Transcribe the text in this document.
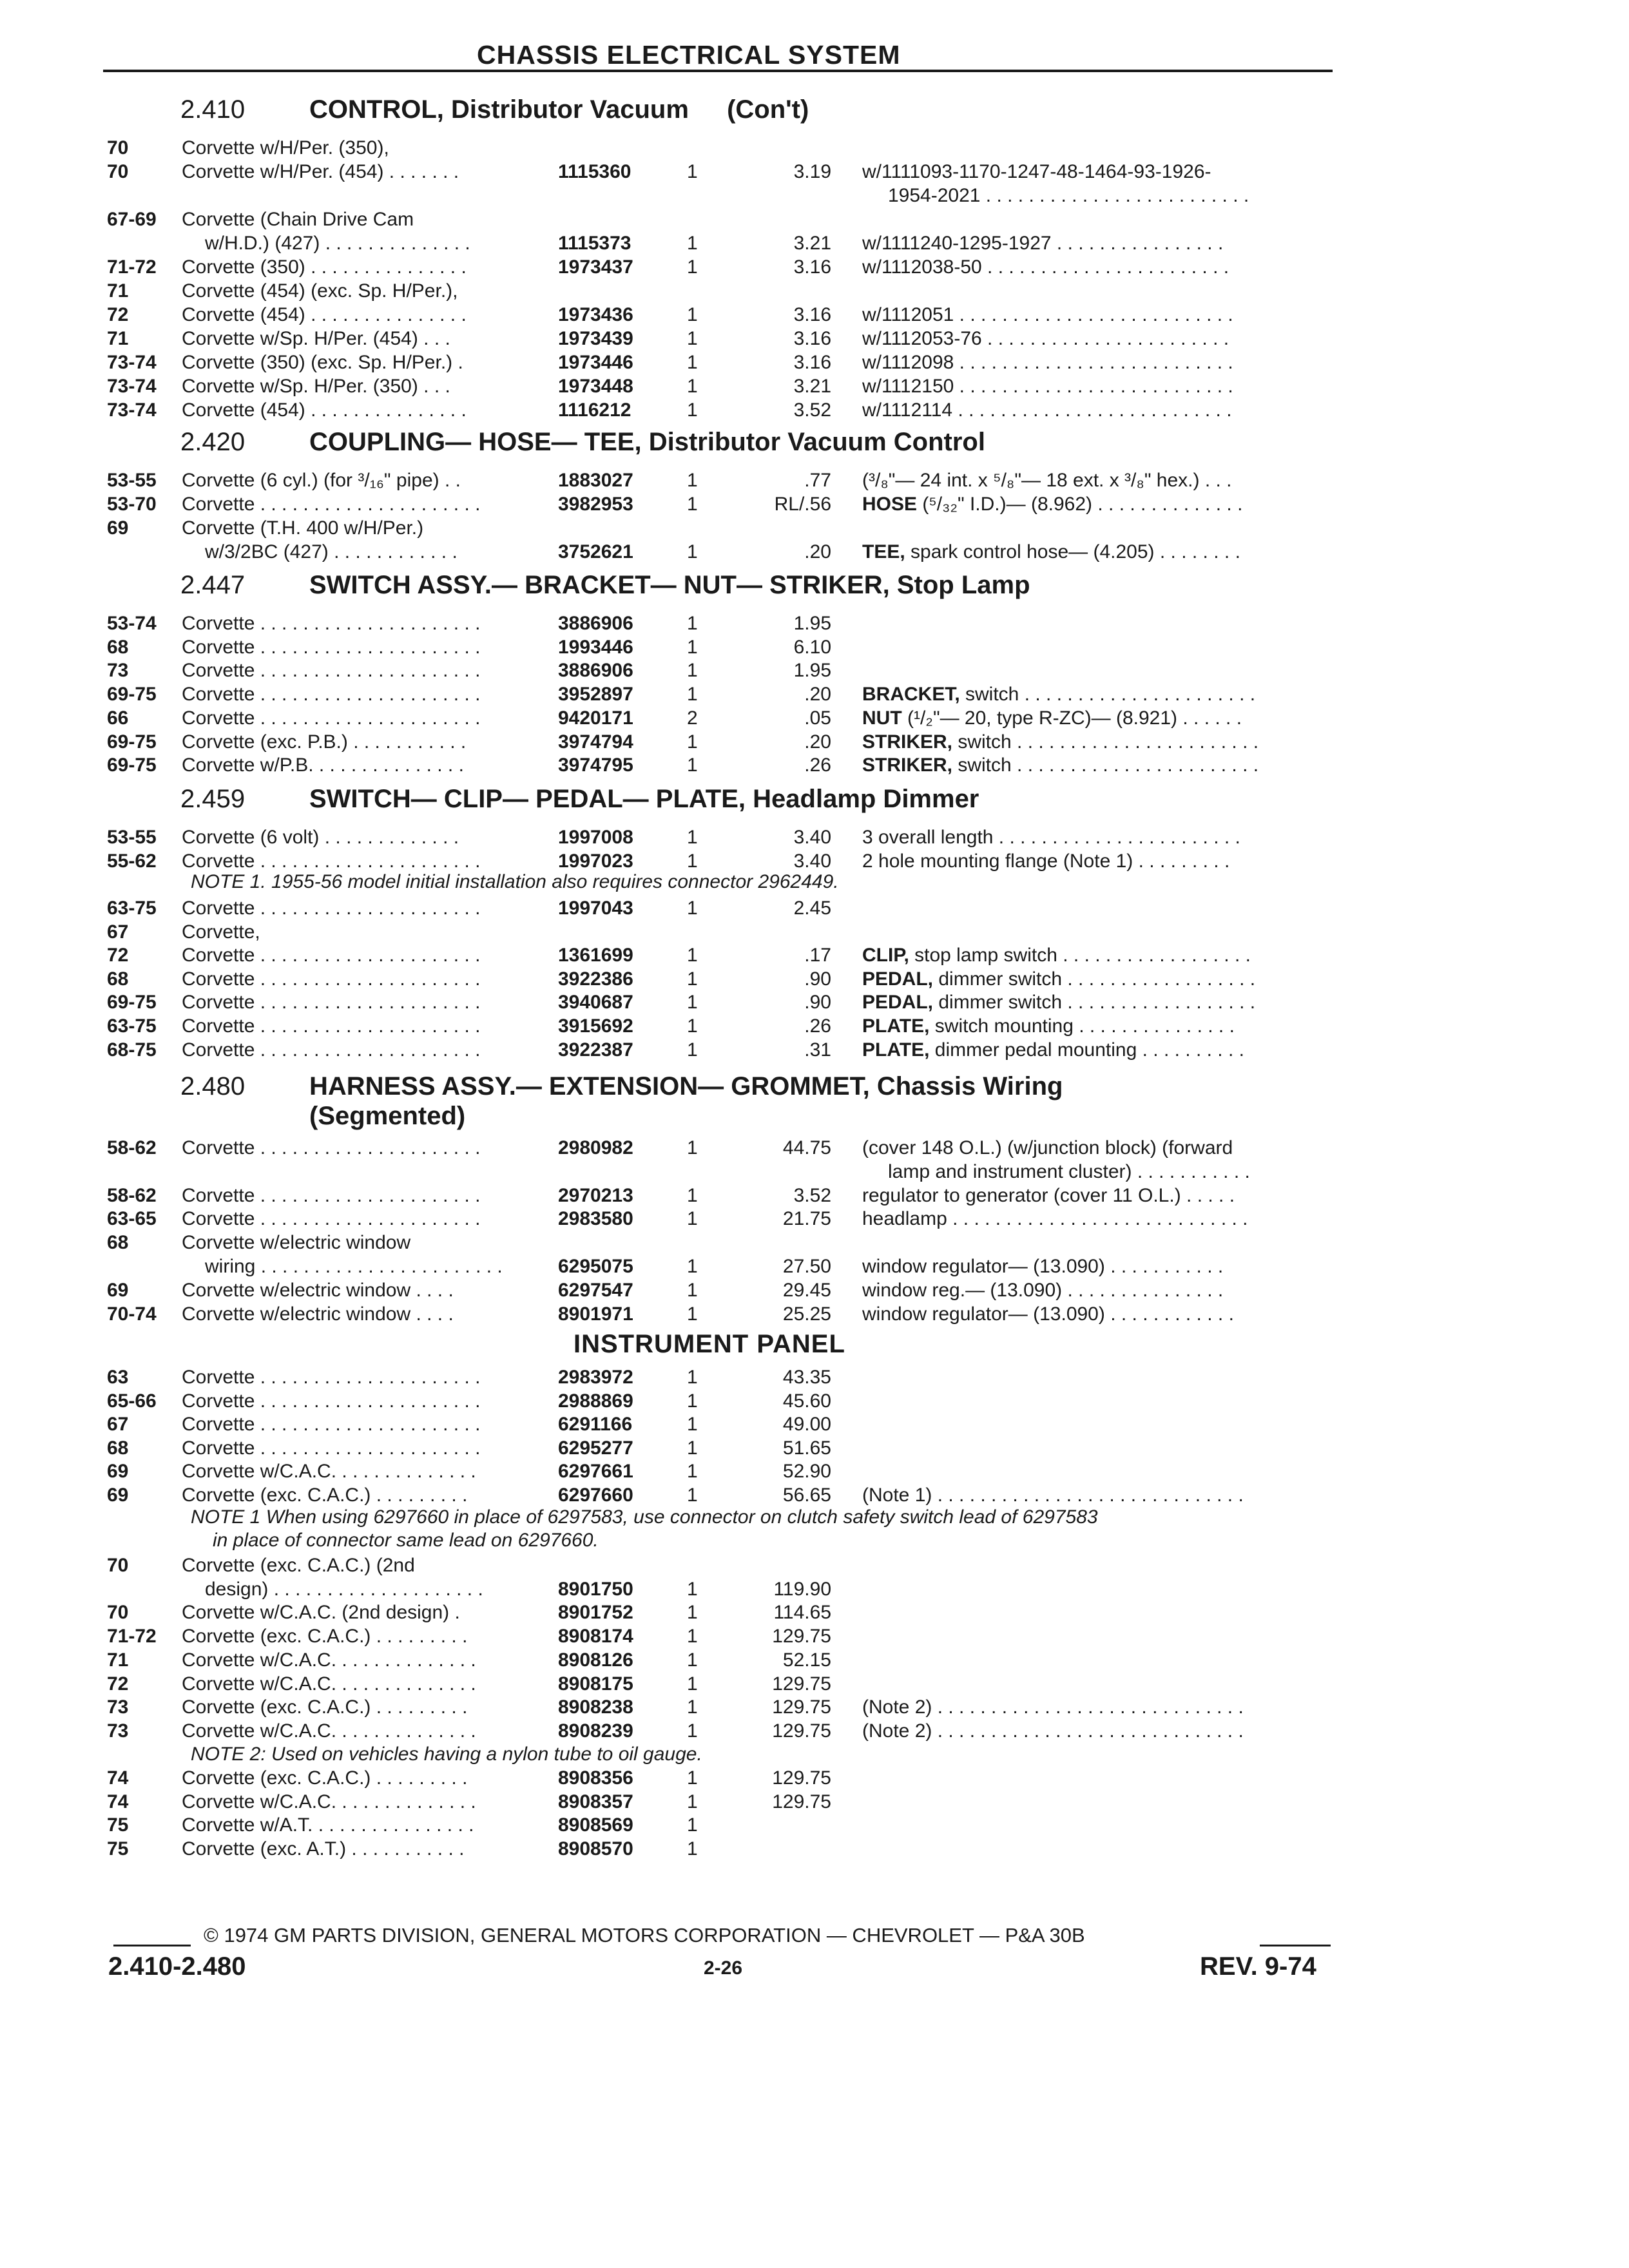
CHASSIS ELECTRICAL SYSTEM
2.410 CONTROL, Distributor Vacuum (Con't)
70	Corvette w/H/Per. (350),
70	Corvette w/H/Per. (454) . . . . . . .	1115360	1	3.19 w/1111093-1170-1247-48-1464-93-1926-
1954-2021 . . . . . . . . . . . . . . . . . . . . . . . . .
67-69 Corvette (Chain Drive Cam
w/H.D.) (427) . . . . . . . . . . . . . .	1115373	1	3.21 w/1111240-1295-1927 . . . . . . . . . . . . . . . .
71-72 Corvette (350) . . . . . . . . . . . . . . .	1973437	1	3.16 w/1112038-50 . . . . . . . . . . . . . . . . . . . . . . .
71	Corvette (454) (exc. Sp. H/Per.),
72	Corvette (454) . . . . . . . . . . . . . . .	1973436	1	3.16 w/1112051 . . . . . . . . . . . . . . . . . . . . . . . . . .
71	Corvette w/Sp. H/Per. (454) . . .	1973439	1	3.16 w/1112053-76 . . . . . . . . . . . . . . . . . . . . . . .
73-74 Corvette (350) (exc. Sp. H/Per.) .	1973446	1	3.16 w/1112098 . . . . . . . . . . . . . . . . . . . . . . . . . .
73-74 Corvette w/Sp. H/Per. (350) . . .	1973448	1	3.21 w/1112150 . . . . . . . . . . . . . . . . . . . . . . . . . .
73-74 Corvette (454) . . . . . . . . . . . . . . .	1116212	1	3.52 w/1112114 . . . . . . . . . . . . . . . . . . . . . . . . . .
2.420 COUPLING— HOSE— TEE, Distributor Vacuum Control
53-55 Corvette (6 cyl.) (for ³/₁₆" pipe) . .	1883027	1	.77 (³/₈"— 24 int. x ⁵/₈"— 18 ext. x ³/₈" hex.) . . .
53-70 Corvette . . . . . . . . . . . . . . . . . . . . .	3982953	1	RL/.56 HOSE (⁵/₃₂" I.D.)— (8.962) . . . . . . . . . . . . . .
69	Corvette (T.H. 400 w/H/Per.)
w/3/2BC (427) . . . . . . . . . . . .	3752621	1	.20 TEE, spark control hose— (4.205) . . . . . . . .
2.447 SWITCH ASSY.— BRACKET— NUT— STRIKER, Stop Lamp
53-74 Corvette . . . . . . . . . . . . . . . . . . . . .	3886906	1	1.95
68	Corvette . . . . . . . . . . . . . . . . . . . . .	1993446	1	6.10
73	Corvette . . . . . . . . . . . . . . . . . . . . .	3886906	1	1.95
69-75 Corvette . . . . . . . . . . . . . . . . . . . . .	3952897	1	.20 BRACKET, switch . . . . . . . . . . . . . . . . . . . . . .
66	Corvette . . . . . . . . . . . . . . . . . . . . .	9420171	2	.05 NUT (¹/₂"— 20, type R-ZC)— (8.921) . . . . . .
69-75 Corvette (exc. P.B.) . . . . . . . . . . .	3974794	1	.20 STRIKER, switch . . . . . . . . . . . . . . . . . . . . . . .
69-75 Corvette w/P.B. . . . . . . . . . . . . . .	3974795	1	.26 STRIKER, switch . . . . . . . . . . . . . . . . . . . . . . .
2.459 SWITCH— CLIP— PEDAL— PLATE, Headlamp Dimmer
53-55 Corvette (6 volt) . . . . . . . . . . . . .	1997008	1	3.40 3 overall length . . . . . . . . . . . . . . . . . . . . . . .
55-62 Corvette . . . . . . . . . . . . . . . . . . . . .	1997023	1	3.40 2 hole mounting flange (Note 1) . . . . . . . . .
NOTE 1. 1955-56 model initial installation also requires connector 2962449.
63-75 Corvette . . . . . . . . . . . . . . . . . . . . .	1997043	1	2.45
67	Corvette,
72	Corvette . . . . . . . . . . . . . . . . . . . . .	1361699	1	.17 CLIP, stop lamp switch . . . . . . . . . . . . . . . . . .
68	Corvette . . . . . . . . . . . . . . . . . . . . .	3922386	1	.90 PEDAL, dimmer switch . . . . . . . . . . . . . . . . . .
69-75 Corvette . . . . . . . . . . . . . . . . . . . . .	3940687	1	.90 PEDAL, dimmer switch . . . . . . . . . . . . . . . . . .
63-75 Corvette . . . . . . . . . . . . . . . . . . . . .	3915692	1	.26 PLATE, switch mounting . . . . . . . . . . . . . . .
68-75 Corvette . . . . . . . . . . . . . . . . . . . . .	3922387	1	.31 PLATE, dimmer pedal mounting . . . . . . . . . .
2.480 HARNESS ASSY.— EXTENSION— GROMMET, Chassis Wiring
(Segmented)
58-62 Corvette . . . . . . . . . . . . . . . . . . . . .	2980982	1	44.75 (cover 148 O.L.) (w/junction block) (forward
lamp and instrument cluster) . . . . . . . . . . .
58-62 Corvette . . . . . . . . . . . . . . . . . . . . .	2970213	1	3.52 regulator to generator (cover 11 O.L.) . . . . .
63-65 Corvette . . . . . . . . . . . . . . . . . . . . .	2983580	1	21.75 headlamp . . . . . . . . . . . . . . . . . . . . . . . . . . . .
68	Corvette w/electric window
wiring . . . . . . . . . . . . . . . . . . . . . . .	6295075	1	27.50 window regulator— (13.090) . . . . . . . . . . .
69	Corvette w/electric window . . . .	6297547	1	29.45 window reg.— (13.090) . . . . . . . . . . . . . . .
70-74 Corvette w/electric window . . . .	8901971	1	25.25 window regulator— (13.090) . . . . . . . . . . . .
INSTRUMENT PANEL
63	Corvette . . . . . . . . . . . . . . . . . . . . .	2983972	1	43.35
65-66 Corvette . . . . . . . . . . . . . . . . . . . . .	2988869	1	45.60
67	Corvette . . . . . . . . . . . . . . . . . . . . .	6291166	1	49.00
68	Corvette . . . . . . . . . . . . . . . . . . . . .	6295277	1	51.65
69	Corvette w/C.A.C. . . . . . . . . . . . . .	6297661	1	52.90
69	Corvette (exc. C.A.C.) . . . . . . . . .	6297660	1	56.65 (Note 1) . . . . . . . . . . . . . . . . . . . . . . . . . . . . .
NOTE 1 When using 6297660 in place of 6297583, use connector on clutch safety switch lead of 6297583
in place of connector same lead on 6297660.
70	Corvette (exc. C.A.C.) (2nd
design) . . . . . . . . . . . . . . . . . . . .	8901750	1	119.90
70	Corvette w/C.A.C. (2nd design) .	8901752	1	114.65
71-72 Corvette (exc. C.A.C.) . . . . . . . . .	8908174	1	129.75
71	Corvette w/C.A.C. . . . . . . . . . . . . .	8908126	1	52.15
72	Corvette w/C.A.C. . . . . . . . . . . . . .	8908175	1	129.75
73	Corvette (exc. C.A.C.) . . . . . . . . .	8908238	1	129.75 (Note 2) . . . . . . . . . . . . . . . . . . . . . . . . . . . . .
73	Corvette w/C.A.C. . . . . . . . . . . . . .	8908239	1	129.75 (Note 2) . . . . . . . . . . . . . . . . . . . . . . . . . . . . .
NOTE 2: Used on vehicles having a nylon tube to oil gauge.
74	Corvette (exc. C.A.C.) . . . . . . . . .	8908356	1	129.75
74	Corvette w/C.A.C. . . . . . . . . . . . . .	8908357	1	129.75
75	Corvette w/A.T. . . . . . . . . . . . . . . .	8908569	1
75	Corvette (exc. A.T.) . . . . . . . . . . .	8908570	1
© 1974 GM PARTS DIVISION, GENERAL MOTORS CORPORATION — CHEVROLET — P&A 30B
2.410-2.480	2-26	REV. 9-74
